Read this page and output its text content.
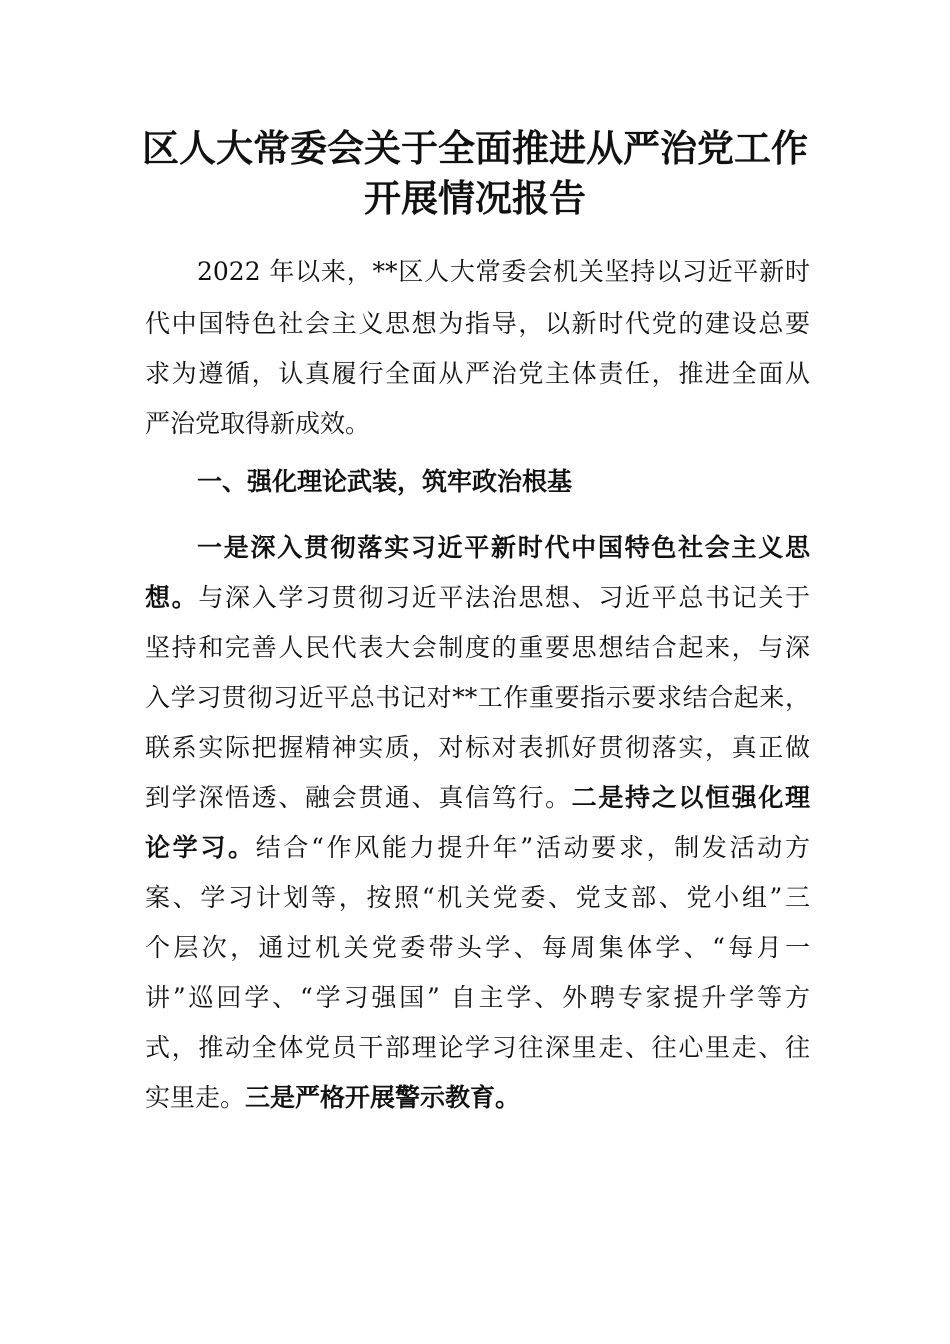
区人大常委会关于全面推进从严治党工作
开展情况报告
2022 年以来，**区人大常委会机关坚持以习近平新时
代中国特色社会主义思想为指导，以新时代党的建设总要
求为遵循，认真履行全面从严治党主体责任，推进全面从
严治党取得新成效。
一、强化理论武装，筑牢政治根基
一是深入贯彻落实习近平新时代中国特色社会主义思
想。与深入学习贯彻习近平法治思想、习近平总书记关于
坚持和完善人民代表大会制度的重要思想结合起来，与深
入学习贯彻习近平总书记对**工作重要指示要求结合起来，
联系实际把握精神实质，对标对表抓好贯彻落实，真正做
到学深悟透、融会贯通、真信笃行。二是持之以恒强化理
论学习。结合“作风能力提升年”活动要求，制发活动方
案、学习计划等，按照“机关党委、党支部、党小组”三
个层次，通过机关党委带头学、每周集体学、“每月一
讲”巡回学、“学习强国” 自主学、外聘专家提升学等方
式，推动全体党员干部理论学习往深里走、往心里走、往
实里走。三是严格开展警示教育。
